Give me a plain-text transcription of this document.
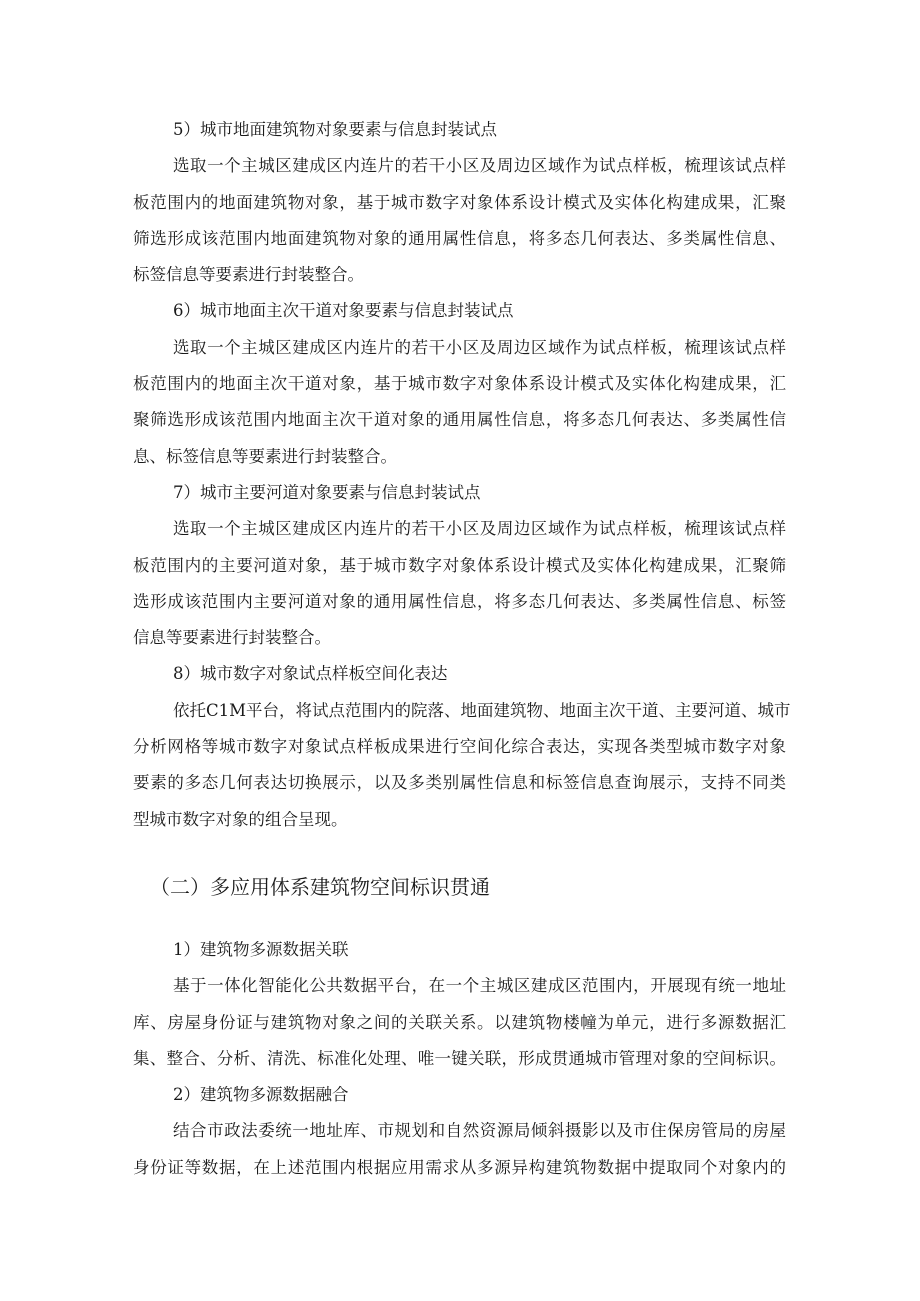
5）城市地面建筑物对象要素与信息封装试点
选取一个主城区建成区内连片的若干小区及周边区域作为试点样板，梳理该试点样
板范围内的地面建筑物对象，基于城市数字对象体系设计模式及实体化构建成果，汇聚
筛选形成该范围内地面建筑物对象的通用属性信息，将多态几何表达、多类属性信息、
标签信息等要素进行封装整合。
6）城市地面主次干道对象要素与信息封装试点
选取一个主城区建成区内连片的若干小区及周边区域作为试点样板，梳理该试点样
板范围内的地面主次干道对象，基于城市数字对象体系设计模式及实体化构建成果，汇
聚筛选形成该范围内地面主次干道对象的通用属性信息，将多态几何表达、多类属性信
息、标签信息等要素进行封装整合。
7）城市主要河道对象要素与信息封装试点
选取一个主城区建成区内连片的若干小区及周边区域作为试点样板，梳理该试点样
板范围内的主要河道对象，基于城市数字对象体系设计模式及实体化构建成果，汇聚筛
选形成该范围内主要河道对象的通用属性信息，将多态几何表达、多类属性信息、标签
信息等要素进行封装整合。
8）城市数字对象试点样板空间化表达
依托C1M平台，将试点范围内的院落、地面建筑物、地面主次干道、主要河道、城市
分析网格等城市数字对象试点样板成果进行空间化综合表达，实现各类型城市数字对象
要素的多态几何表达切换展示，以及多类别属性信息和标签信息查询展示，支持不同类
型城市数字对象的组合呈现。
（二）多应用体系建筑物空间标识贯通
1）建筑物多源数据关联
基于一体化智能化公共数据平台，在一个主城区建成区范围内，开展现有统一地址
库、房屋身份证与建筑物对象之间的关联关系。以建筑物楼幢为单元，进行多源数据汇
集、整合、分析、清洗、标准化处理、唯一键关联，形成贯通城市管理对象的空间标识。
2）建筑物多源数据融合
结合市政法委统一地址库、市规划和自然资源局倾斜摄影以及市住保房管局的房屋
身份证等数据，在上述范围内根据应用需求从多源异构建筑物数据中提取同个对象内的
